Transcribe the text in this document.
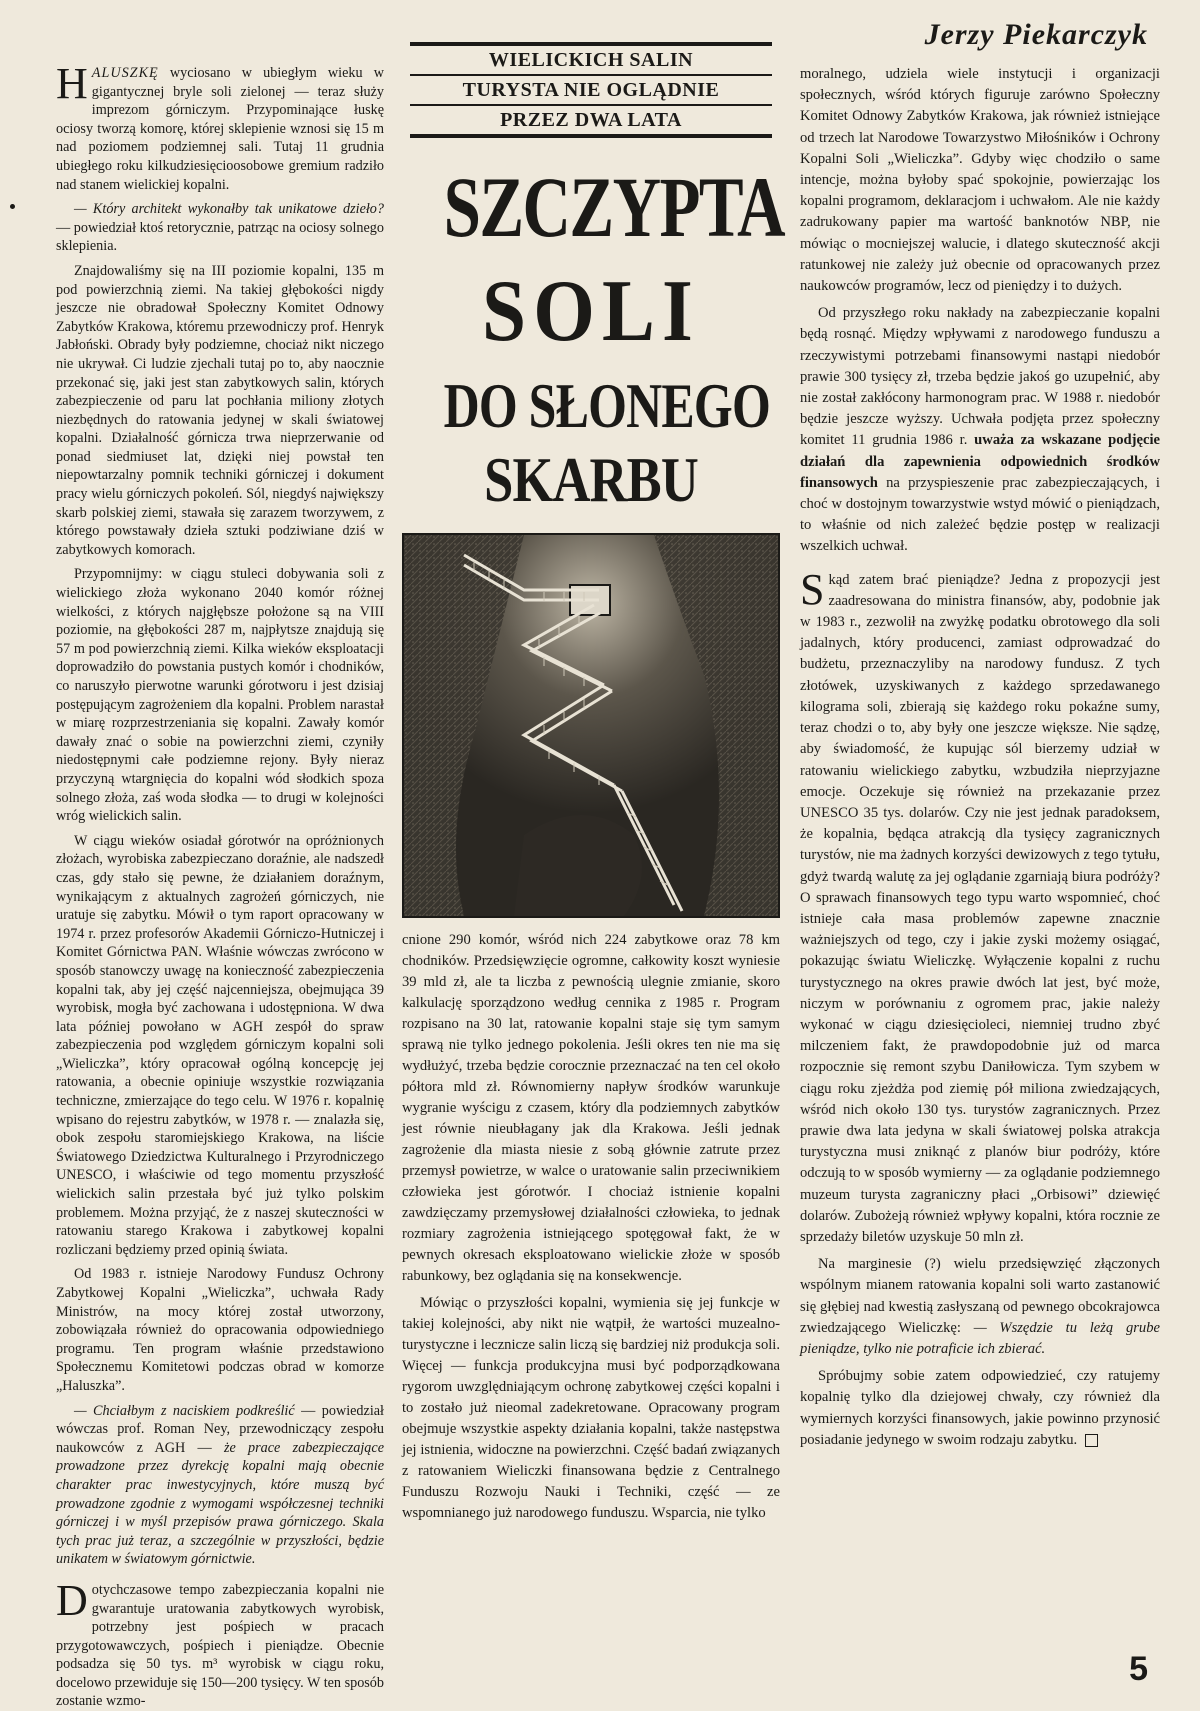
Jerzy Piekarczyk

HALUSZKĘ wyciosano w ubiegłym wieku w gigantycznej bryle soli zielonej — teraz służy imprezom górniczym. Przypominające łuskę ociosy tworzą komorę, której sklepienie wznosi się 15 m nad poziomem podziemnej sali. Tutaj 11 grudnia ubiegłego roku kilkudziesięcioosobowe gremium radziło nad stanem wielickiej kopalni.

— Który architekt wykonałby tak unikatowe dzieło? — powiedział ktoś retorycznie, patrząc na ociosy solnego sklepienia.

Znajdowaliśmy się na III poziomie kopalni, 135 m pod powierzchnią ziemi. Na takiej głębokości nigdy jeszcze nie obradował Społeczny Komitet Odnowy Zabytków Krakowa, któremu przewodniczy prof. Henryk Jabłoński. Obrady były podziemne, chociaż nikt niczego nie ukrywał. Ci ludzie zjechali tutaj po to, aby naocznie przekonać się, jaki jest stan zabytkowych salin, których zabezpieczenie od paru lat pochłania miliony złotych niezbędnych do ratowania jedynej w skali światowej kopalni. Działalność górnicza trwa nieprzerwanie od ponad siedmiuset lat, dzięki niej powstał ten niepowtarzalny pomnik techniki górniczej i dokument pracy wielu górniczych pokoleń. Sól, niegdyś największy skarb polskiej ziemi, stawała się zarazem tworzywem, z którego powstawały dzieła sztuki podziwiane dziś w zabytkowych komorach.

Przypomnijmy: w ciągu stuleci dobywania soli z wielickiego złoża wykonano 2040 komór różnej wielkości, z których najgłębsze położone są na VIII poziomie, na głębokości 287 m, najpłytsze znajdują się 57 m pod powierzchnią ziemi. Kilka wieków eksploatacji doprowadziło do powstania pustych komór i chodników, co naruszyło pierwotne warunki górotworu i jest dzisiaj postępującym zagrożeniem dla kopalni. Problem narastał w miarę rozprzestrzeniania się kopalni. Zawały komór dawały znać o sobie na powierzchni ziemi, czyniły niedostępnymi całe podziemne rejony. Były nieraz przyczyną wtargnięcia do kopalni wód słodkich spoza solnego złoża, zaś woda słodka — to drugi w kolejności wróg wielickich salin.

W ciągu wieków osiadał górotwór na opróżnionych złożach, wyrobiska zabezpieczano doraźnie, ale nadszedł czas, gdy stało się pewne, że działaniem doraźnym, wynikającym z aktualnych zagrożeń górniczych, nie uratuje się zabytku. Mówił o tym raport opracowany w 1974 r. przez profesorów Akademii Górniczo-Hutniczej i Komitet Górnictwa PAN. Właśnie wówczas zwrócono w sposób stanowczy uwagę na konieczność zabezpieczenia kopalni tak, aby jej część najcenniejsza, obejmująca 39 wyrobisk, mogła być zachowana i udostępniona. W dwa lata później powołano w AGH zespół do spraw zabezpieczenia pod względem górniczym kopalni soli „Wieliczka”, który opracował ogólną koncepcję jej ratowania, a obecnie opiniuje wszystkie rozwiązania techniczne, zmierzające do tego celu. W 1976 r. kopalnię wpisano do rejestru zabytków, w 1978 r. — znalazła się, obok zespołu staromiejskiego Krakowa, na liście Światowego Dziedzictwa Kulturalnego i Przyrodniczego UNESCO, i właściwie od tego momentu przyszłość wielickich salin przestała być już tylko polskim problemem. Można przyjąć, że z naszej skuteczności w ratowaniu starego Krakowa i zabytkowej kopalni rozliczani będziemy przed opinią świata.

Od 1983 r. istnieje Narodowy Fundusz Ochrony Zabytkowej Kopalni „Wieliczka”, uchwała Rady Ministrów, na mocy której został utworzony, zobowiązała również do opracowania odpowiedniego programu. Ten program właśnie przedstawiono Społecznemu Komitetowi podczas obrad w komorze „Haluszka”.

— Chciałbym z naciskiem podkreślić — powiedział wówczas prof. Roman Ney, przewodniczący zespołu naukowców z AGH — że prace zabezpieczające prowadzone przez dyrekcję kopalni mają obecnie charakter prac inwestycyjnych, które muszą być prowadzone zgodnie z wymogami współczesnej techniki górniczej i w myśl przepisów prawa górniczego. Skala tych prac już teraz, a szczególnie w przyszłości, będzie unikatem w światowym górnictwie.

Dotychczasowe tempo zabezpieczania kopalni nie gwarantuje uratowania zabytkowych wyrobisk, potrzebny jest pośpiech w pracach przygotowawczych, pośpiech i pieniądze. Obecnie podsadza się 50 tys. m³ wyrobisk w ciągu roku, docelowo przewiduje się 150—200 tysięcy. W ten sposób zostanie wzmo-

WIELICKICH SALIN
TURYSTA NIE OGLĄDNIE
PRZEZ DWA LATA
SZCZYPTA
SOLI
DO SŁONEGO
SKARBU

cnione 290 komór, wśród nich 224 zabytkowe oraz 78 km chodników. Przedsięwzięcie ogromne, całkowity koszt wyniesie 39 mld zł, ale ta liczba z pewnością ulegnie zmianie, skoro kalkulację sporządzono według cennika z 1985 r. Program rozpisano na 30 lat, ratowanie kopalni staje się tym samym sprawą nie tylko jednego pokolenia. Jeśli okres ten nie ma się wydłużyć, trzeba będzie corocznie przeznaczać na ten cel około półtora mld zł. Równomierny napływ środków warunkuje wygranie wyścigu z czasem, który dla podziemnych zabytków jest równie nieubłagany jak dla Krakowa. Jeśli jednak zagrożenie dla miasta niesie z sobą głównie zatrute przez przemysł powietrze, w walce o uratowanie salin przeciwnikiem człowieka jest górotwór. I chociaż istnienie kopalni zawdzięczamy przemysłowej działalności człowieka, to jednak rozmiary zagrożenia istniejącego spotęgował fakt, że w pewnych okresach eksploatowano wielickie złoże w sposób rabunkowy, bez oglądania się na konsekwencje.

Mówiąc o przyszłości kopalni, wymienia się jej funkcje w takiej kolejności, aby nikt nie wątpił, że wartości muzealno-turystyczne i lecznicze salin liczą się bardziej niż produkcja soli. Więcej — funkcja produkcyjna musi być podporządkowana rygorom uwzględniającym ochronę zabytkowej części kopalni i to zostało już nieomal zadekretowane. Opracowany program obejmuje wszystkie aspekty działania kopalni, także następstwa jej istnienia, widoczne na powierzchni. Część badań związanych z ratowaniem Wieliczki finansowana będzie z Centralnego Funduszu Rozwoju Nauki i Techniki, część — ze wspomnianego już narodowego funduszu. Wsparcia, nie tylko

moralnego, udziela wiele instytucji i organizacji społecznych, wśród których figuruje zarówno Społeczny Komitet Odnowy Zabytków Krakowa, jak również istniejące od trzech lat Narodowe Towarzystwo Miłośników i Ochrony Kopalni Soli „Wieliczka”. Gdyby więc chodziło o same intencje, można byłoby spać spokojnie, powierzając los kopalni programom, deklaracjom i uchwałom. Ale nie każdy zadrukowany papier ma wartość banknotów NBP, nie mówiąc o mocniejszej walucie, i dlatego skuteczność akcji ratunkowej nie zależy już obecnie od opracowanych przez naukowców programów, lecz od pieniędzy i to dużych.

Od przyszłego roku nakłady na zabezpieczanie kopalni będą rosnąć. Między wpływami z narodowego funduszu a rzeczywistymi potrzebami finansowymi nastąpi niedobór prawie 300 tysięcy zł, trzeba będzie jakoś go uzupełnić, aby nie został zakłócony harmonogram prac. W 1988 r. niedobór będzie jeszcze wyższy. Uchwała podjęta przez społeczny komitet 11 grudnia 1986 r. uważa za wskazane podjęcie działań dla zapewnienia odpowiednich środków finansowych na przyspieszenie prac zabezpieczających, i choć w dostojnym towarzystwie wstyd mówić o pieniądzach, to właśnie od nich zależeć będzie postęp w realizacji wszelkich uchwał.

Skąd zatem brać pieniądze? Jedna z propozycji jest zaadresowana do ministra finansów, aby, podobnie jak w 1983 r., zezwolił na zwyżkę podatku obrotowego dla soli jadalnych, który producenci, zamiast odprowadzać do budżetu, przeznaczyliby na narodowy fundusz. Z tych złotówek, uzyskiwanych z każdego sprzedawanego kilograma soli, zbierają się każdego roku pokaźne sumy, teraz chodzi o to, aby były one jeszcze większe. Nie sądzę, aby świadomość, że kupując sól bierzemy udział w ratowaniu wielickiego zabytku, wzbudziła nieprzyjazne emocje. Oczekuje się również na przekazanie przez UNESCO 35 tys. dolarów. Czy nie jest jednak paradoksem, że kopalnia, będąca atrakcją dla tysięcy zagranicznych turystów, nie ma żadnych korzyści dewizowych z tego tytułu, gdyż twardą walutę za jej oglądanie zgarniają biura podróży? O sprawach finansowych tego typu warto wspomnieć, choć istnieje cała masa problemów zapewne znacznie ważniejszych od tego, czy i jakie zyski możemy osiągać, pokazując światu Wieliczkę. Wyłączenie kopalni z ruchu turystycznego na okres prawie dwóch lat jest, być może, niczym w porównaniu z ogromem prac, jakie należy wykonać w ciągu dziesięcioleci, niemniej trudno zbyć milczeniem fakt, że prawdopodobnie już od marca rozpocznie się remont szybu Daniłowicza. Tym szybem w ciągu roku zjeżdża pod ziemię pół miliona zwiedzających, wśród nich około 130 tys. turystów zagranicznych. Przez prawie dwa lata jedyna w skali światowej polska atrakcja turystyczna musi zniknąć z planów biur podróży, które odczują to w sposób wymierny — za oglądanie podziemnego muzeum turysta zagraniczny płaci „Orbisowi” dziewięć dolarów. Zubożeją również wpływy kopalni, która rocznie ze sprzedaży biletów uzyskuje 50 mln zł.

Na marginesie (?) wielu przedsięwzięć złączonych wspólnym mianem ratowania kopalni soli warto zastanowić się głębiej nad kwestią zasłyszaną od pewnego obcokrajowca zwiedzającego Wieliczkę: — Wszędzie tu leżą grube pieniądze, tylko nie potraficie ich zbierać.

Spróbujmy sobie zatem odpowiedzieć, czy ratujemy kopalnię tylko dla dziejowej chwały, czy również dla wymiernych korzyści finansowych, jakie powinno przynosić posiadanie jedynego w swoim rodzaju zabytku.

5
